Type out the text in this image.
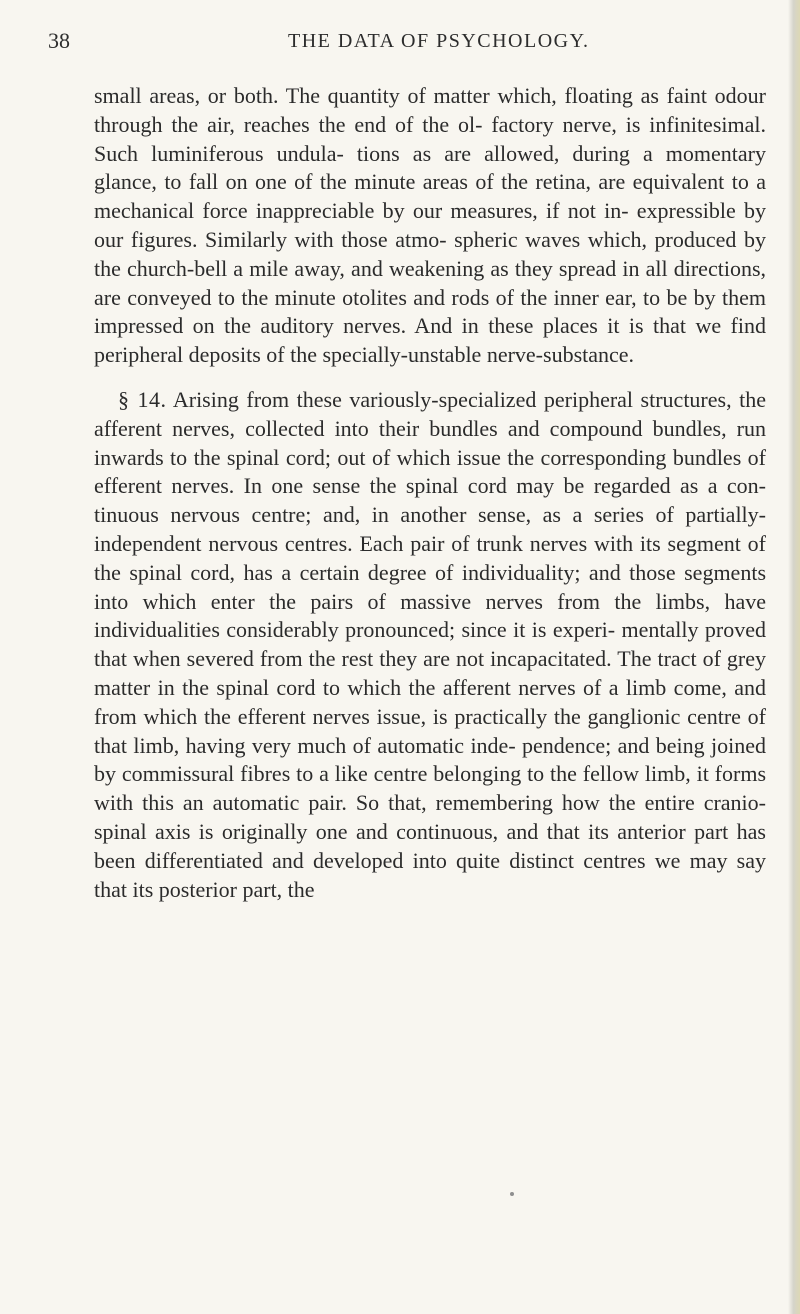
38	THE DATA OF PSYCHOLOGY.

small areas, or both. The quantity of matter which, floating as faint odour through the air, reaches the end of the ol- factory nerve, is infinitesimal. Such luminiferous undula- tions as are allowed, during a momentary glance, to fall on one of the minute areas of the retina, are equivalent to a mechanical force inappreciable by our measures, if not in- expressible by our figures. Similarly with those atmo- spheric waves which, produced by the church-bell a mile away, and weakening as they spread in all directions, are conveyed to the minute otolites and rods of the inner ear, to be by them impressed on the auditory nerves. And in these places it is that we find peripheral deposits of the specially-unstable nerve-substance.

§ 14. Arising from these variously-specialized peripheral structures, the afferent nerves, collected into their bundles and compound bundles, run inwards to the spinal cord; out of which issue the corresponding bundles of efferent nerves. In one sense the spinal cord may be regarded as a con- tinuous nervous centre; and, in another sense, as a series of partially-independent nervous centres. Each pair of trunk nerves with its segment of the spinal cord, has a certain degree of individuality; and those segments into which enter the pairs of massive nerves from the limbs, have individualities considerably pronounced; since it is experi- mentally proved that when severed from the rest they are not incapacitated. The tract of grey matter in the spinal cord to which the afferent nerves of a limb come, and from which the efferent nerves issue, is practically the ganglionic centre of that limb, having very much of automatic inde- pendence; and being joined by commissural fibres to a like centre belonging to the fellow limb, it forms with this an automatic pair. So that, remembering how the entire cranio-spinal axis is originally one and continuous, and that its anterior part has been differentiated and developed into quite distinct centres we may say that its posterior part, the
